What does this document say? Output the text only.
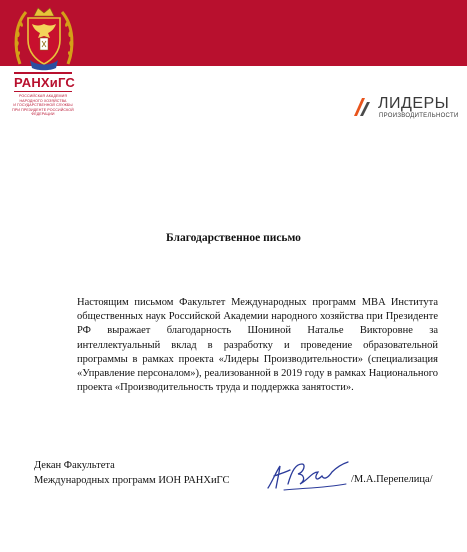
РАНХиГС
РОССИЙСКАЯ АКАДЕМИЯ НАРОДНОГО ХОЗЯЙСТВА
И ГОСУДАРСТВЕННОЙ СЛУЖБЫ
ПРИ ПРЕЗИДЕНТЕ РОССИЙСКОЙ ФЕДЕРАЦИИ
ЛИДЕРЫ
ПРОИЗВОДИТЕЛЬНОСТИ
Благодарственное письмо
Настоящим письмом Факультет Международных программ MBA Института общественных наук Российской Академии народного хозяйства при Президенте РФ выражает благодарность Шониной Наталье Викторовне за интеллектуальный вклад в разработку и проведение образовательной программы в рамках проекта «Лидеры Производительности» (специализация «Управление персоналом»), реализованной в 2019 году в рамках Национального проекта «Производительность труда и поддержка занятости».
Декан Факультета
Международных программ ИОН РАНХиГС	/М.А.Перепелица/
